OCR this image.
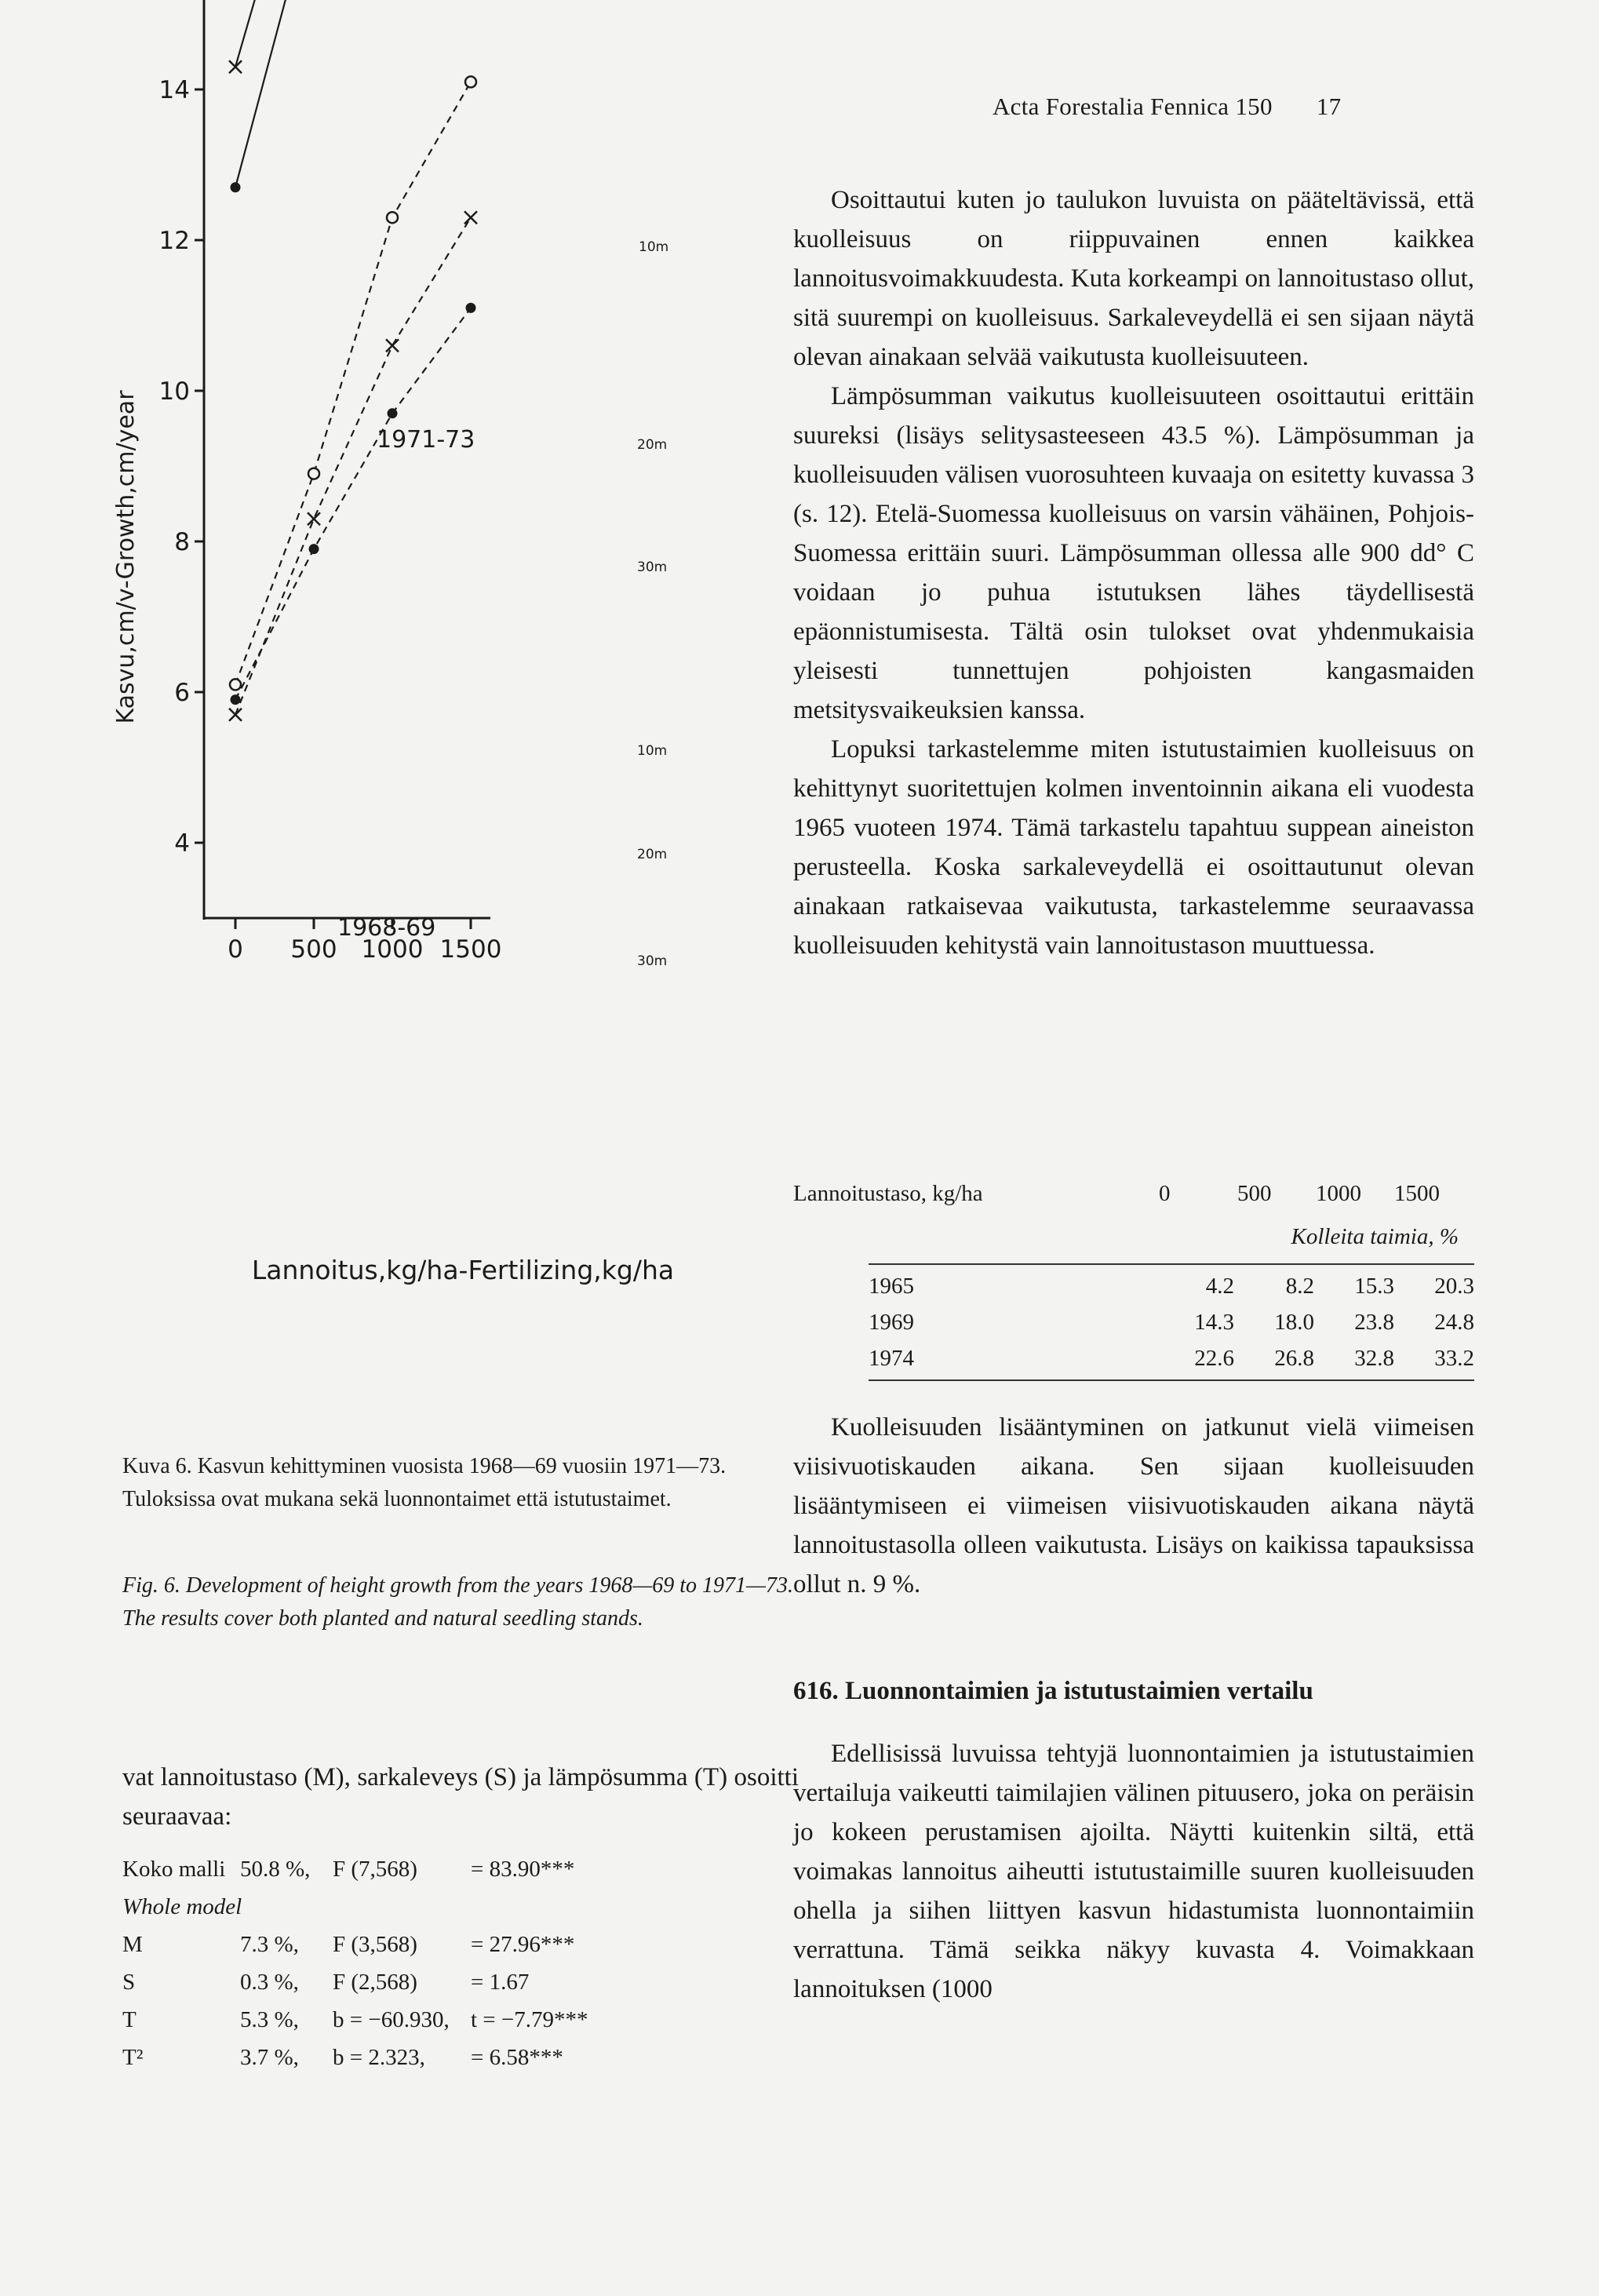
Acta Forestalia Fennica 150 17
Kasvu,cm/v-Growth,cm/year
Lannoitus,kg/ha-Fertilizing,kg/ha
1971-73
1968-69
10m
20m
30m
10m
20m
30m
4
6
8
10
12
14
0 500 1000 1500
Kuva 6. Kasvun kehittyminen vuosista 1968—69 vuosiin 1971—73. Tuloksissa ovat mukana sekä luonnontaimet että istutustaimet.
Fig. 6. Development of height growth from the years 1968—69 to 1971—73. The results cover both planted and natural seedling stands.
vat lannoitustaso (M), sarkaleveys (S) ja lämpösumma (T) osoitti seuraavaa:
Koko malli 50.8 %, F (7,568)	= 83.90***
Whole model
M	7.3 %,	F (3,568)	= 27.96***
S	0.3 %,	F (2,568)	= 1.67
T	5.3 %,	b = −60.930, t = −7.79***
T²	3.7 %,	b = 2.323,	= 6.58***

Osoittautui kuten jo taulukon luvuista on pääteltävissä, että kuolleisuus on riippuvainen ennen kaikkea lannoitusvoimakkuudesta. Kuta korkeampi on lannoitustaso ollut, sitä suurempi on kuolleisuus. Sarkaleveydellä ei sen sijaan näytä olevan ainakaan selvää vaikutusta kuolleisuuteen.

Lämpösumman vaikutus kuolleisuuteen osoittautui erittäin suureksi (lisäys selitysasteeseen 43.5 %). Lämpösumman ja kuolleisuuden välisen vuorosuhteen kuvaaja on esitetty kuvassa 3 (s. 12). Etelä-Suomessa kuolleisuus on varsin vähäinen, Pohjois-Suomessa erittäin suuri. Lämpösumman ollessa alle 900 dd° C voidaan jo puhua istutuksen lähes täydellisestä epäonnistumisesta. Tältä osin tulokset ovat yhdenmukaisia yleisesti tunnettujen pohjoisten kangasmaiden metsitysvaikeuksien kanssa.

Lopuksi tarkastelemme miten istutustaimien kuolleisuus on kehittynyt suoritettujen kolmen inventoinnin aikana eli vuodesta 1965 vuoteen 1974. Tämä tarkastelu tapahtuu suppean aineiston perusteella. Koska sarkaleveydellä ei osoittautunut olevan ainakaan ratkaisevaa vaikutusta, tarkastelemme seuraavassa kuolleisuuden kehitystä vain lannoitustason muuttuessa.

Lannoitustaso, kg/ha	0	500	1000	1500
Kolleita taimia, %
1965	4.2	8.2	15.3	20.3
1969	14.3	18.0	23.8	24.8
1974	22.6	26.8	32.8	33.2

Kuolleisuuden lisääntyminen on jatkunut vielä viimeisen viisivuotiskauden aikana. Sen sijaan kuolleisuuden lisääntymiseen ei viimeisen viisivuotiskauden aikana näytä lannoitustasolla olleen vaikutusta. Lisäys on kaikissa tapauksissa ollut n. 9 %.

616. Luonnontaimien ja istutustaimien vertailu

Edellisissä luvuissa tehtyjä luonnontaimien ja istutustaimien vertailuja vaikeutti taimilajien välinen pituusero, joka on peräisin jo kokeen perustamisen ajoilta. Näytti kuitenkin siltä, että voimakas lannoitus aiheutti istutustaimille suuren kuolleisuuden ohella ja siihen liittyen kasvun hidastumista luonnontaimiin verrattuna. Tämä seikka näkyy kuvasta 4. Voimakkaan lannoituksen (1000
